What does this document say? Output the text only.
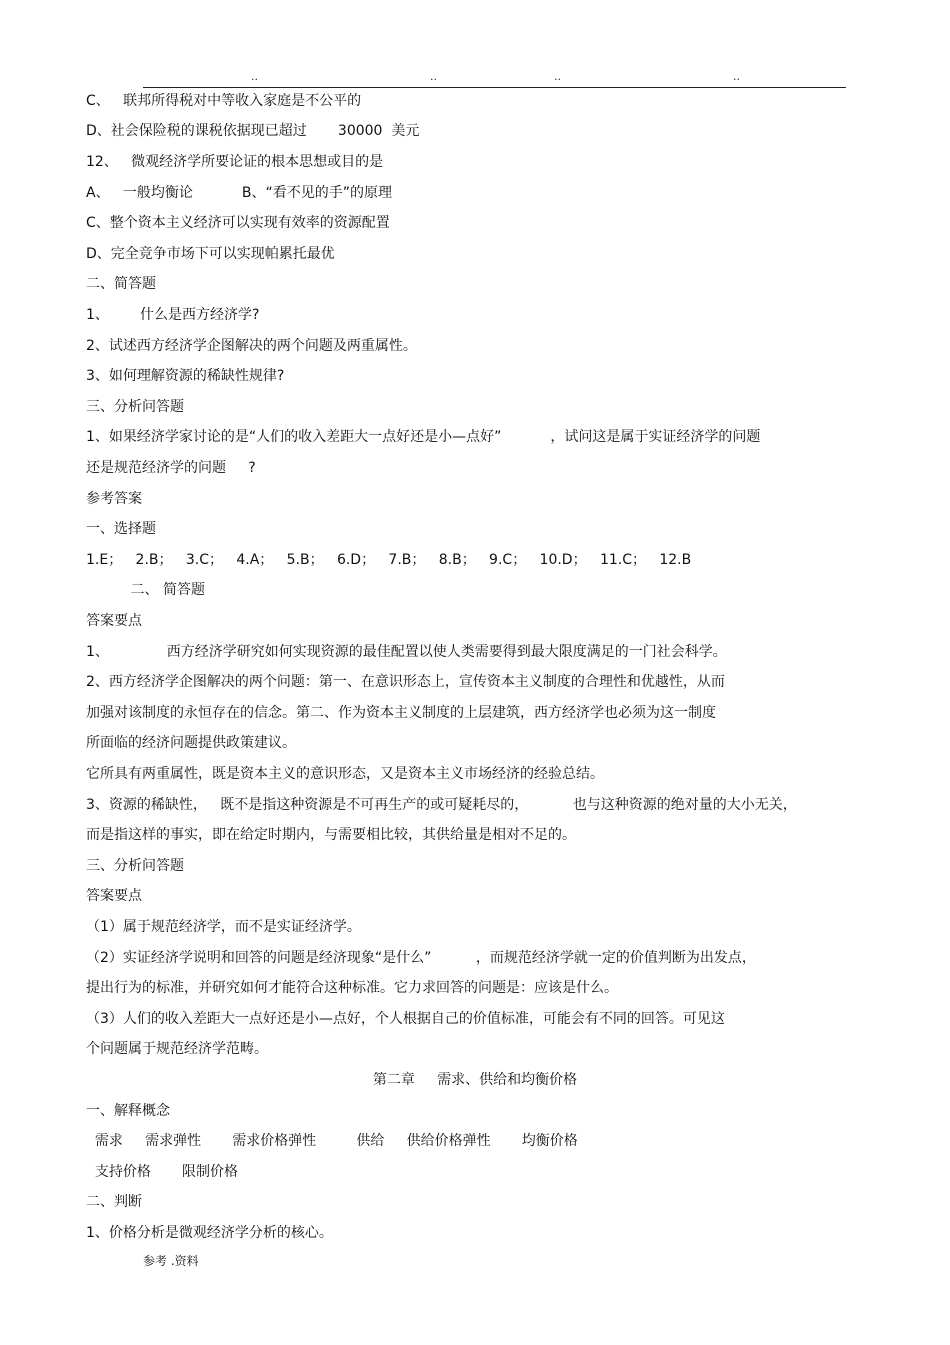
..	..	..	..
C、   联邦所得税对中等收入家庭是不公平的
D、社会保险税的课税依据现已超过       30000  美元
12、   微观经济学所要论证的根本思想或目的是
A、   一般均衡论           B、“看不见的手”的原理
C、整个资本主义经济可以实现有效率的资源配置
D、完全竞争市场下可以实现帕累托最优
二、简答题
1、       什么是西方经济学?
2、试述西方经济学企图解决的两个问题及两重属性。
3、如何理解资源的稀缺性规律?
三、分析问答题
1、如果经济学家讨论的是“人们的收入差距大一点好还是小—点好”           ，试问这是属于实证经济学的问题
还是规范经济学的问题     ?
参考答案
一、选择题
1.E；   2.B；   3.C；   4.A；   5.B；   6.D；   7.B；   8.B；   9.C；   10.D；   11.C；   12.B
二、 简答题
答案要点
1、             西方经济学研究如何实现资源的最佳配置以使人类需要得到最大限度满足的一门社会科学。
2、西方经济学企图解决的两个问题：第一、在意识形态上，宣传资本主义制度的合理性和优越性，从而
加强对该制度的永恒存在的信念。第二、作为资本主义制度的上层建筑，西方经济学也必须为这一制度
所面临的经济问题提供政策建议。
它所具有两重属性，既是资本主义的意识形态，又是资本主义市场经济的经验总结。
3、资源的稀缺性，   既不是指这种资源是不可再生产的或可疑耗尽的，          也与这种资源的绝对量的大小无关，
而是指这样的事实，即在给定时期内，与需要相比较，其供给量是相对不足的。
三、分析问答题
答案要点
（1）属于规范经济学，而不是实证经济学。
（2）实证经济学说明和回答的问题是经济现象“是什么”          ，而规范经济学就一定的价值判断为出发点，
提出行为的标准，并研究如何才能符合这种标准。它力求回答的问题是：应该是什么。
（3）人们的收入差距大一点好还是小—点好，个人根据自己的价值标准，可能会有不同的回答。可见这
个问题属于规范经济学范畴。
第二章     需求、供给和均衡价格
一、解释概念
需求     需求弹性       需求价格弹性         供给     供给价格弹性       均衡价格
支持价格       限制价格
二、判断
1、价格分析是微观经济学分析的核心。
参考 .资料
